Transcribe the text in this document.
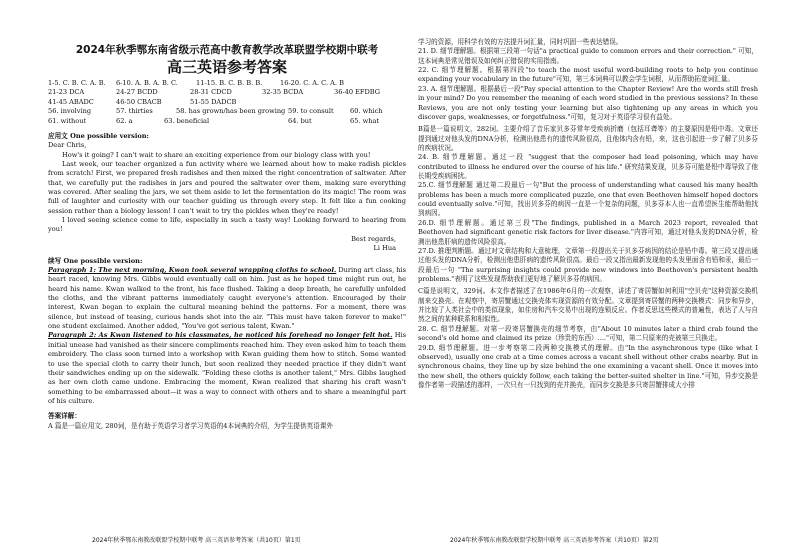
2024年秋季鄂东南省级示范高中教育教学改革联盟学校期中联考
高三英语参考答案
1-5. C. B. C. A. B.	6-10. A. B. A. B. C.	11-15. B. C. B. B. B.	16-20. C. A. C. A. B
21-23 DCA	24-27 BCDD	28-31 CDCD	32-35 BCDA	36-40 EFDBG
41-45 ABADC	46-50 CBACB	51-55 DADCB
56. involving	57. thirties	58. has grown/has been growing 59. to consult	60. which
61. without	62. a	63. beneficial	64. but	65. what
应用文 One possible version:

Dear Chris,

How's it going? I can't wait to share an exciting experience from our biology class with you!

Last week, our teacher organized a fun activity where we learned about how to make radish pickles from scratch! First, we prepared fresh radishes and then mixed the right concentration of saltwater. After that, we carefully put the radishes in jars and poured the saltwater over them, making sure everything was covered. After sealing the jars, we set them aside to let the fermentation do its magic! The room was full of laughter and curiosity with our teacher guiding us through every step. It felt like a fun cooking session rather than a biology lesson! I can't wait to try the pickles when they're ready!

I loved seeing science come to life, especially in such a tasty way! Looking forward to hearing from you!

Best regards,

Li Hua

续写 One possible version:

Paragraph 1: The next morning, Kwan took several wrapping cloths to school. During art class, his heart raced, knowing Mrs. Gibbs would eventually call on him. Just as he hoped time might run out, he heard his name. Kwan walked to the front, his face flushed. Taking a deep breath, he carefully unfolded the cloths, and the vibrant patterns immediately caught everyone's attention. Encouraged by their interest, Kwan began to explain the cultural meaning behind the patterns. For a moment, there was silence, but instead of teasing, curious hands shot into the air. "This must have taken forever to make!" one student exclaimed. Another added, "You've got serious talent, Kwan."

Paragraph 2: As Kwan listened to his classmates, he noticed his forehead no longer felt hot. His initial unease had vanished as their sincere compliments reached him. They even asked him to teach them embroidery. The class soon turned into a workshop with Kwan guiding them how to stitch. Some wanted to use the special cloth to carry their lunch, but soon realized they needed practice if they didn't want their sandwiches ending up on the sidewalk. "Folding these cloths is another talent," Mrs. Gibbs laughed as her own cloth came undone. Embracing the moment, Kwan realized that sharing his craft wasn't something to be embarrassed about—it was a way to connect with others and to share a meaningful part of his culture.

答案详解：

A 篇是一篇应用文, 280词，是有助于英语学习者学习英语的4本词典的介绍，为学生提供英语课外

学习的资源，用科学有效的方法提升词汇量，同时巩固一些表达错误。

21. D. 细节理解题。根据第三段第一句话"a practical guide to common errors and their correction." 可知，这本词典是常见错误及如何纠正错误的实用指南。

22. C. 细节理解题。根据第四段"to teach the most useful word-building roots to help you continue expanding your vocabulary in the future"可知，第三本词典可以教会学生词根，从而帮助拓宽词汇量。

23. A. 细节理解题。根据最后一段"Pay special attention to the Chapter Review! Are the words still fresh in your mind? Do you remember the meaning of each word studied in the previous sessions? In these Reviews, you are not only testing your learning but also tightening up any areas in which you discover gaps, weaknesses, or forgetfulness."可知，复习对于英语学习很有益处。

B篇是一篇说明文，282词。主要介绍了音乐家贝多芬常年受疾病折磨（包括耳聋等）的主要原因是铅中毒。文章还提到通过对他头发的DNA分析，检测出他患有的遗传风险很高，且他体内含有铅，来，这也引起进一步了解了贝多芬的疾病状况。

24. B. 细节理解题。通过一段 "suggest that the composer had lead poisoning, which may have contributed to illness he endured over the course of his life." 研究结果发现，贝多芬可能是铅中毒导致了他长期受疾病困扰。

25.C. 细节理解题 通过第二段最后一句"But the process of understanding what caused his many health problems has been a much more complicated puzzle, one that even Beethoven himself hoped doctors could eventually solve."可知，找出贝多芬的病因一直是一个复杂的问题，贝多芬本人也一直希望医生能帮助他找到病因。

26.D. 细节理解题。通过第三段"The findings, published in a March 2023 report, revealed that Beethoven had significant genetic risk factors for liver disease."内容可知，通过对他头发的DNA分析，检测出他患肝病的遗传风险很高。

27.D. 推理判断题。通过对文章结构和大意梳理，文章第一段提出关于贝多芬病因的结论是铅中毒。第三段又提出通过他头发的DNA分析，检测出他患肝病的遗传风险很高。最后一段又指出最新发现他的头发里面含有铅和汞，最后一段最后一句 "The surprising insights could provide new windows into Beethoven's persistent health problems."表明了这些发现帮助我们更好地了解贝多芬的病因。

C篇是说明文，329词。本文作者描述了在1986年6月的一次观察，讲述了寄居蟹如何利用"空贝壳"这种资源交换机制来交换壳。在观察中，寄居蟹通过交换壳体实现资源的有效分配。文章提到寄居蟹的两种交换模式：同步和异步，并比较了人类社会中的类似现象，如住房和汽车交易中出现的连锁反应。作者反思这些模式的普遍性，表达了人与自然之间的某种联系和相似性。

28. C. 细节理解题。对第一段寄居蟹换壳的细节考察，由"About 10 minutes later a third crab found the second's old home and claimed its prize（珍贵的东西）...."可知，第二只原来的壳被第三只换走。

29.D. 细节理解题。进一步考察第二段两种交换模式的理解。由"In the asynchronous type (like what I observed), usually one crab at a time comes across a vacant shell without other crabs nearby. But in synchronous chains, they line up by size behind the one examining a vacant shell. Once it moves into the new shell, the others quickly follow, each taking the better-suited shelter in line."可知，异步交换是像作者第一段描述的那样，一次只有一只找到的壳并换壳，而同步交换是多只寄居蟹排成大小排

2024年秋季鄂东南教改联盟学校期中联考 高三英语参考答案（共10页）第1页	2024年秋季鄂东南教改联盟学校期中联考 高三英语参考答案（共10页）第2页
